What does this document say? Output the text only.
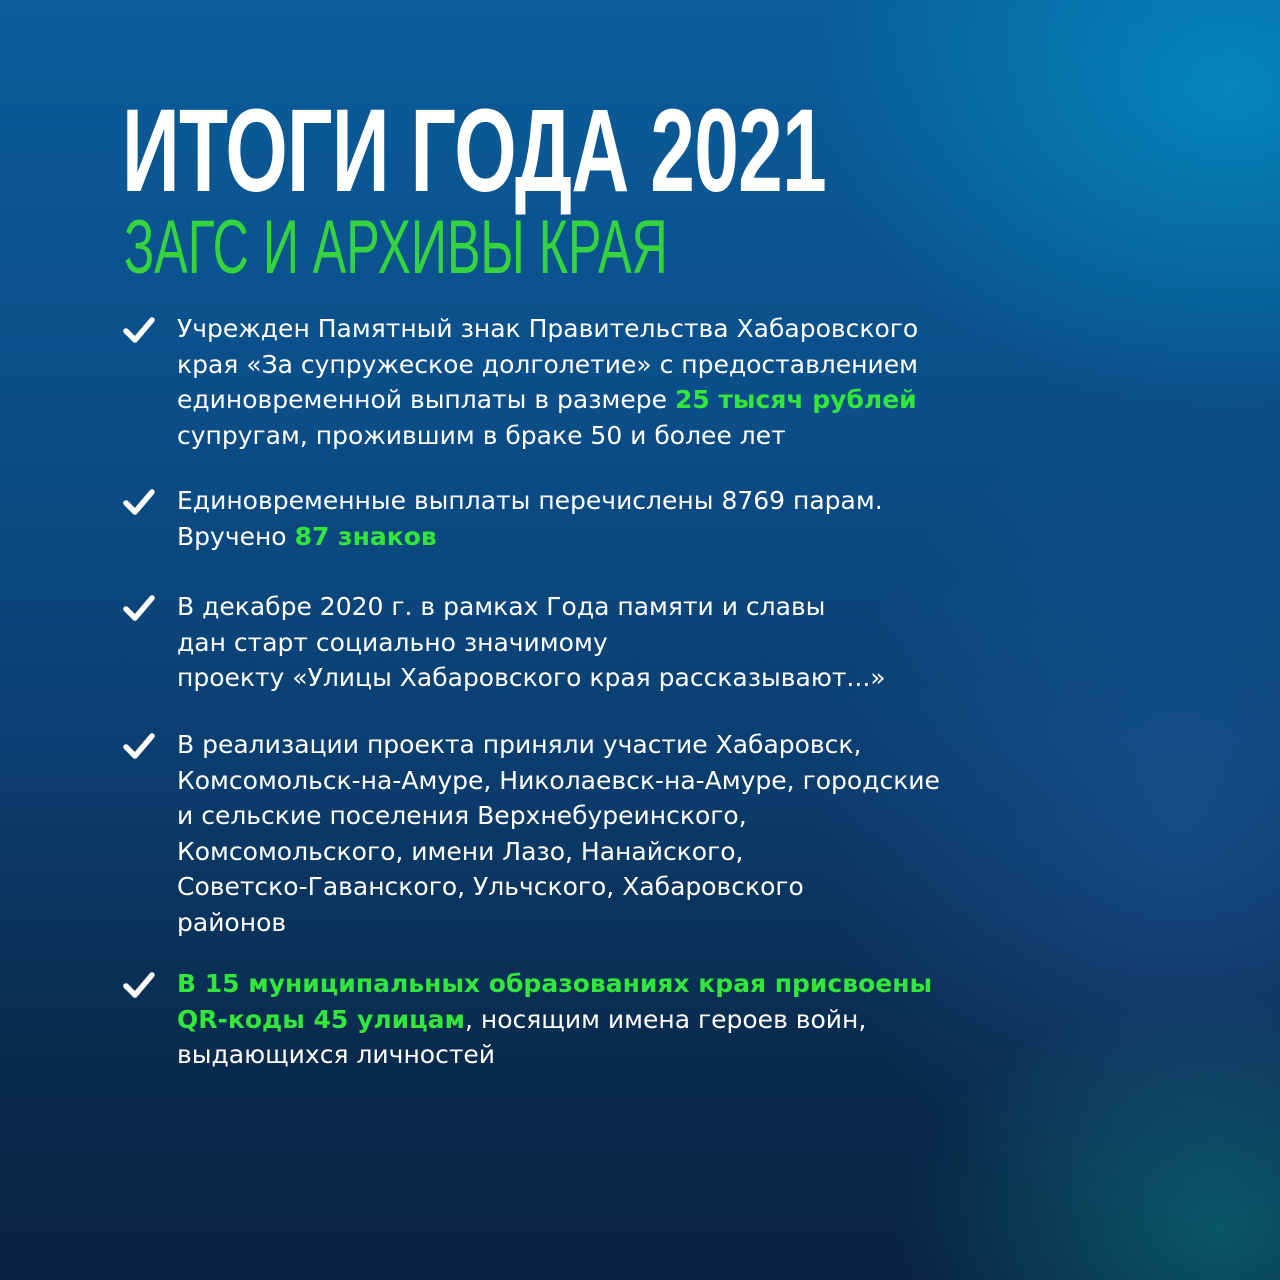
ИТОГИ ГОДА 2021
ЗАГС И АРХИВЫ КРАЯ
Учрежден Памятный знак Правительства Хабаровского
края «За супружеское долголетие» с предоставлением
единовременной выплаты в размере 25 тысяч рублей
супругам, прожившим в браке 50 и более лет
Единовременные выплаты перечислены 8769 парам.
Вручено 87 знаков
В декабре 2020 г. в рамках Года памяти и славы
дан старт социально значимому
проекту «Улицы Хабаровского края рассказывают...»
В реализации проекта приняли участие Хабаровск,
Комсомольск-на-Амуре, Николаевск-на-Амуре, городские
и сельские поселения Верхнебуреинского,
Комсомольского, имени Лазо, Нанайского,
Советско-Гаванского, Ульчского, Хабаровского
районов
В 15 муниципальных образованиях края присвоены
QR-коды 45 улицам, носящим имена героев войн,
выдающихся личностей
